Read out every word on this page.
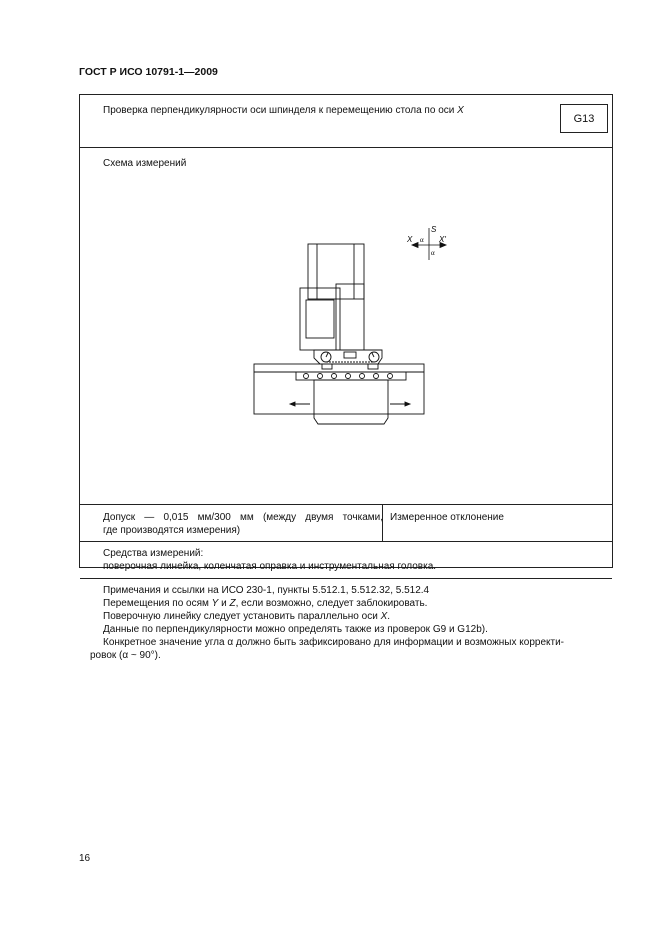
ГОСТ Р ИСО 10791-1—2009
Проверка перпендикулярности оси шпинделя к перемещению стола по оси X
G13
Схема измерений
S
X	X'
α
α
Допуск — 0,015 мм/300 мм (между двумя точками,
где производятся измерения)
Измеренное отклонение
Средства измерений:
поверочная линейка, коленчатая оправка и инструментальная головка.
Примечания и ссылки на ИСО 230-1, пункты 5.512.1, 5.512.32, 5.512.4
Перемещения по осям Y и Z, если возможно, следует заблокировать.
Поверочную линейку следует установить параллельно оси X.
Данные по перпендикулярности можно определять также из проверок G9 и G12b).
Конкретное значение угла α должно быть зафиксировано для информации и возможных корректи-
ровок (α ~ 90°).
16
